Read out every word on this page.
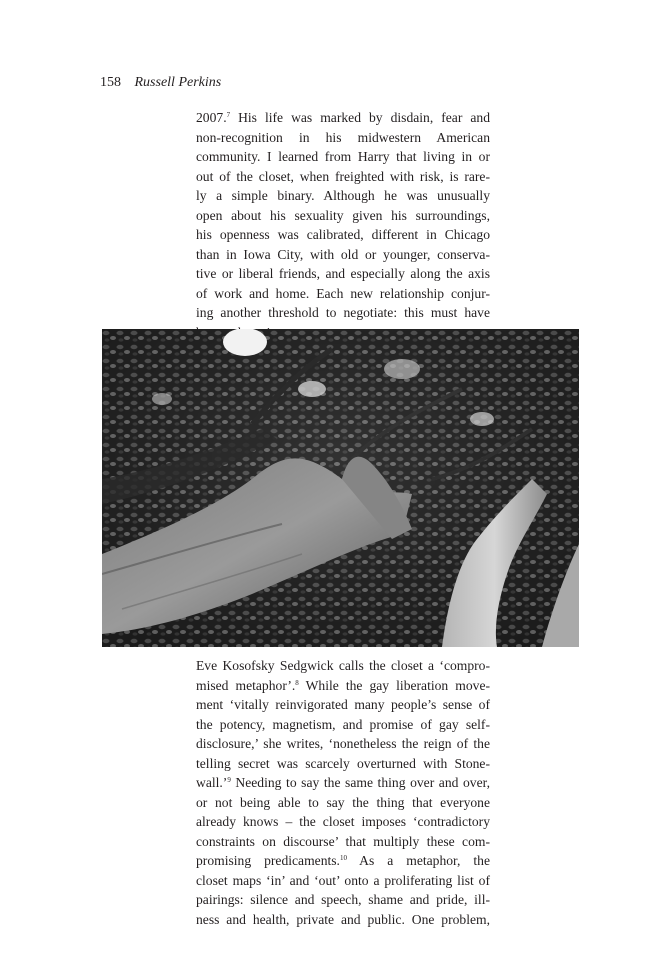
158 Russell Perkins
2007.$^7$ His life was marked by disdain, fear and
non-recognition in his midwestern American
community. I learned from Harry that living in or
out of the closet, when freighted with risk, is rare-
ly a simple binary. Although he was unusually
open about his sexuality given his surroundings,
his openness was calibrated, different in Chicago
than in Iowa City, with old or younger, conserva-
tive or liberal friends, and especially along the axis
of work and home. Each new relationship conjur-
ing another threshold to negotiate: this must have
Eve Kosofsky Sedgwick calls the closet a ‘compro-
mised metaphor’.$^8$ While the gay liberation move-
ment ‘vitally reinvigorated many people’s sense of
the potency, magnetism, and promise of gay self-
disclosure,’ she writes, ‘nonetheless the reign of the
telling secret was scarcely overturned with Stone-
wall.’$^9$ Needing to say the same thing over and over,
or not being able to say the thing that everyone
already knows – the closet imposes ‘contradictory
constraints on discourse’ that multiply these com-
promising predicaments.$^{10}$ As a metaphor, the
closet maps ‘in’ and ‘out’ onto a proliferating list of
pairings: silence and speech, shame and pride, ill-
ness and health, private and public. One problem,
